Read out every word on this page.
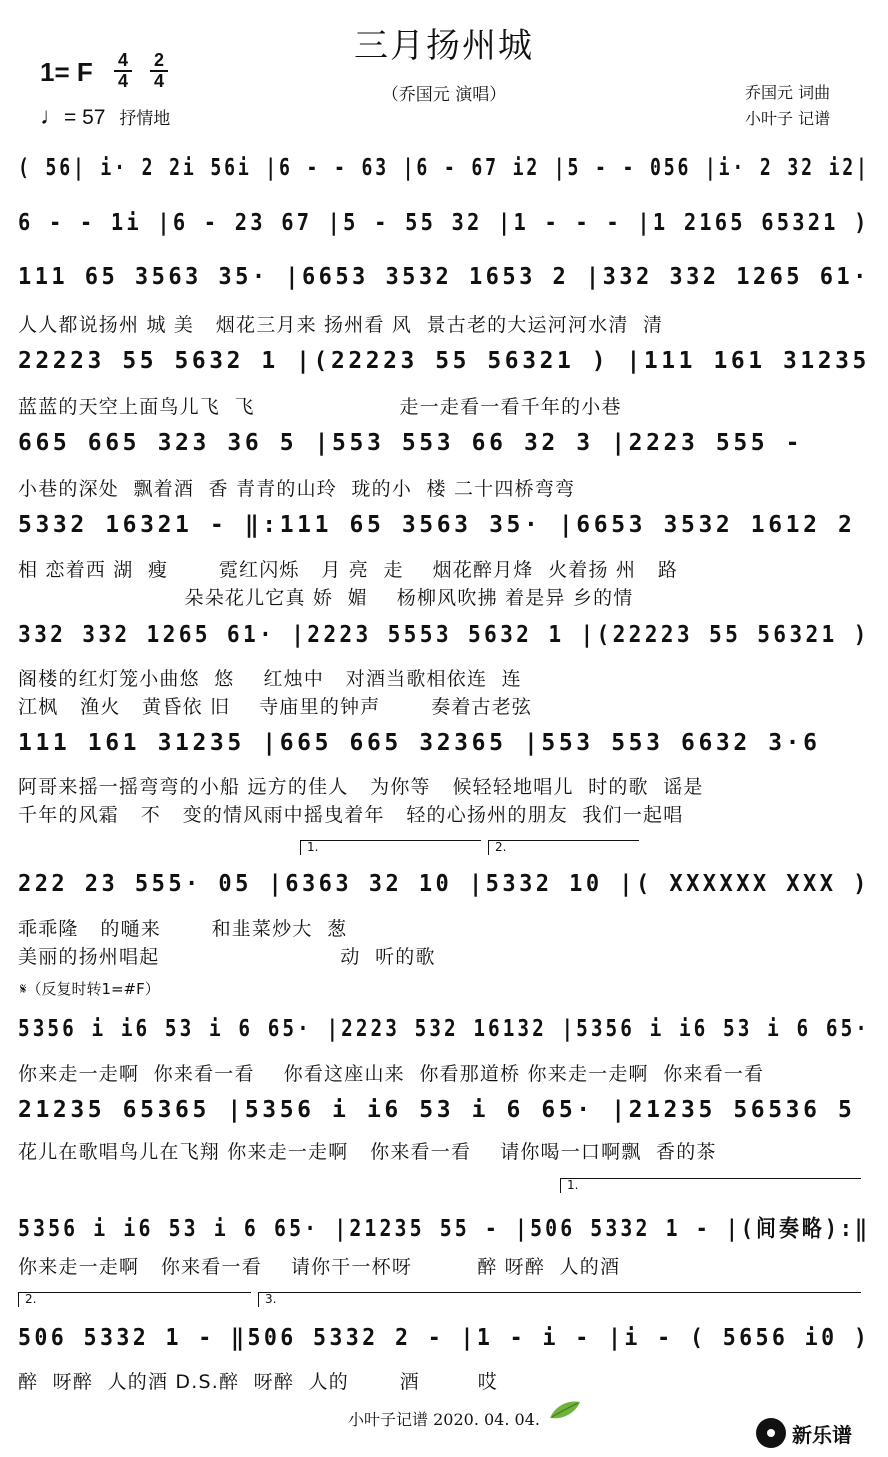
三月扬州城
（乔国元 演唱）
1= F 4
4
2
4
♩= 57 抒情地
乔国元 词曲
小叶子 记谱
( 56| i· 2 2i 56i |6 - - 63 |6 - 67 i2 |5 - - 056 |i· 2 32 i2|
6 - - 1i |6 - 23 67 |5 - 55 32 |1 - - - |1 2165 65321 )
111 65 3563 35· |6653 3532 1653 2 |332 332 1265 61·
人人都说扬州 城 美   烟花三月来 扬州看 风  景古老的大运河河水清  清
22223 55 5632 1 |(22223 55 56321 ) |111 161 31235
蓝蓝的天空上面鸟儿飞  飞                    走一走看一看千年的小巷
665 665 323 36 5 |553 553 66 32 3 |2223 555 -
小巷的深处  飘着酒  香 青青的山玲  珑的小  楼 二十四桥弯弯
5332 16321 - ‖:111 65 3563 35· |6653 3532 1612 2
相 恋着西 湖  瘦       霓红闪烁   月 亮  走    烟花醉月烽  火着扬 州   路
朵朵花儿它真 娇  媚    杨柳风吹拂 着是异 乡的情
332 332 1265 61· |2223 5553 5632 1 |(22223 55 56321 )
阁楼的红灯笼小曲悠  悠    红烛中   对酒当歌相依连  连
江枫   渔火   黄昏依 旧    寺庙里的钟声       奏着古老弦
111 161 31235 |665 665 32365 |553 553 6632 3·6
阿哥来摇一摇弯弯的小船 远方的佳人   为你等   候轻轻地唱儿  时的歌  谣是
千年的风霜   不   变的情风雨中摇曳着年   轻的心扬州的朋友  我们一起唱
1.	2.
222 23 555· 05 |6363 32 10 |5332 10 |( XXXXXX XXX )
乖乖隆   的嗵来       和韭菜炒大  葱
美丽的扬州唱起                         动  听的歌
𝄋（反复时转1=#F）
5356 i i6 53 i 6 65· |2223 532 16132 |5356 i i6 53 i 6 65·
你来走一走啊  你来看一看    你看这座山来  你看那道桥 你来走一走啊  你来看一看
21235 65365 |5356 i i6 53 i 6 65· |21235 56536 5
花儿在歌唱鸟儿在飞翔 你来走一走啊   你来看一看    请你喝一口啊飘  香的茶
1.
5356 i i6 53 i 6 65· |21235 55 - |506 5332 1 - |(间奏略):‖
你来走一走啊   你来看一看    请你干一杯呀         醉 呀醉  人的酒
2.	3.
506 5332 1 - ‖506 5332 2 - |1 - i - |i - ( 5656 i0 )
醉  呀醉  人的酒 D.S.醉  呀醉  人的       酒        哎
小叶子记谱 2020. 04. 04.
新乐谱
